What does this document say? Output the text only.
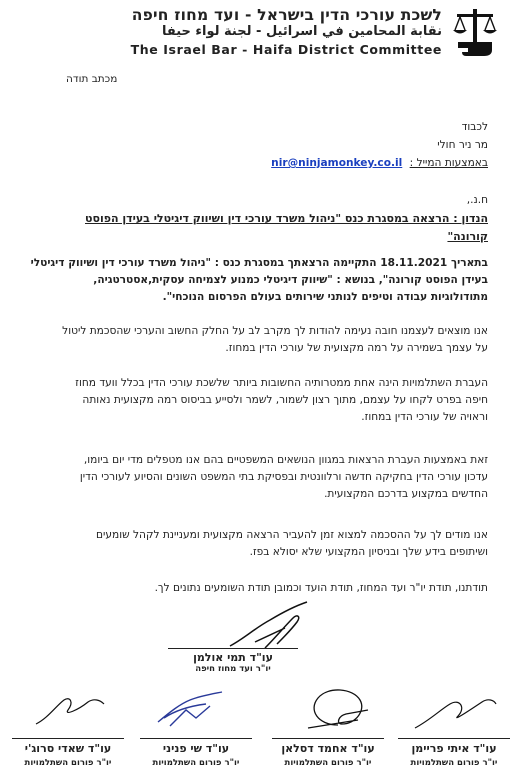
לשכת עורכי הדין בישראל - ועד מחוז חיפה
نقابة المحامين في اسرائيل - لجنة لواء حيفا
The Israel Bar - Haifa District Committee
מכתב תודה
לכבוד
מר ניר חולי
באמצעות המייל : nir@ninjamonkey.co.il
ח.נ.,
הנדון : הרצאה במסגרת כנס "ניהול משרד עורכי דין ושיווק דיגיטלי בעידן הפוסט
קורונה"
בתאריך 18.11.2021 התקיימה הרצאתך במסגרת כנס : "ניהול משרד עורכי דין ושיווק דיגיטלי
בעידן הפוסט קורונה", בנושא : "שיווק דיגיטלי כמנוע לצמיחה עסקית,אסטרטגיה,
מתודולוגיות עבודה וטיפים לנותני שירותים בעולם הפרסום הנוכחי".
אנו מוצאים לעצמנו חובה נעימה להודות לך מקרב לב על החלק החשוב והערכי שהסכמת ליטול
על עצמך בשמירה על רמה מקצועית של עורכי הדין במחוז.
העברת השתלמויות הינה אחת ממטרותיה החשובות ביותר שלשכת עורכי הדין בכלל וועד מחוז
חיפה בפרט לקחו על עצמם, מתוך רצון לשמור, לשמר ולסייע בביסוס רמה מקצועית נאותה
וראויה של עורכי הדין במחוז.
זאת באמצעות העברת הרצאות במגוון הנושאים המשפטיים בהם אנו מטפלים מדי יום ביומו,
עדכון עורכי הדין בחקיקה חדשה ורלוונטית ובפסיקת בתי המשפט השונים והסיוע לעורכי הדין
החדשים במקצוע בדרכם המקצועית.
אנו מודים לך על ההסכמה למצוא זמן להעביר הרצאה מקצועית ומעניינת לקהל שומעים
ושיתופים בידע שלך ובניסיון המקצועי שלא יסולא בפז.
תודתנו, תודת יו"ר ועד המחוז, תודת הועד וכמובן תודת השומעים נתונים לך.
עו"ד תמי אולמן
יו"ר ועד מחוז חיפה
עו"ד איתי פריימן
יו"ר פורום השתלמויות
עו"ד אחמד דסלאן
יו"ר פורום השתלמויות
עו"ד שי פניני
יו"ר פורום השתלמויות
עו"ד שאדי סרוג'י
יו"ר פורום השתלמויות
